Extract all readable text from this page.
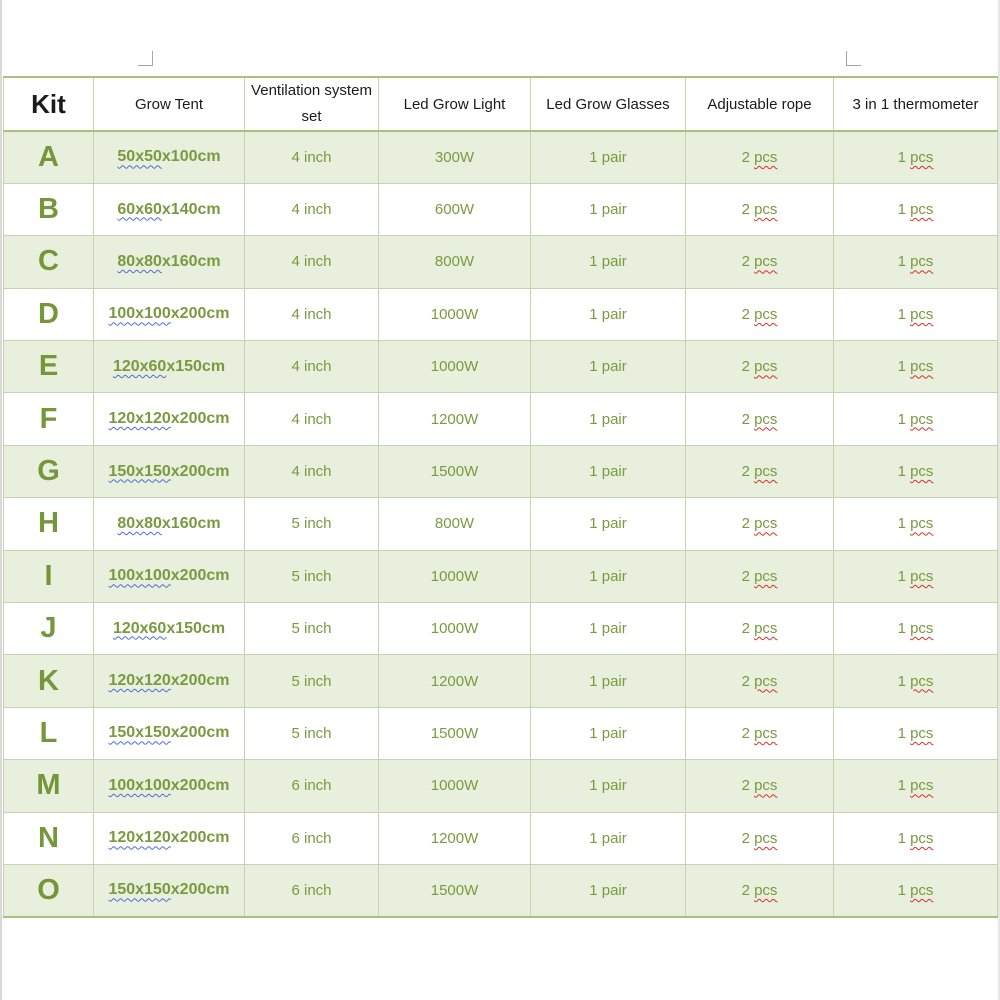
Kit	Grow Tent	Ventilation system set	Led Grow Light	Led Grow Glasses	Adjustable rope	3 in 1 thermometer
A	50x50x100cm	4 inch	300W	1 pair	2 pcs	1 pcs
B	60x60x140cm	4 inch	600W	1 pair	2 pcs	1 pcs
C	80x80x160cm	4 inch	800W	1 pair	2 pcs	1 pcs
D	100x100x200cm	4 inch	1000W	1 pair	2 pcs	1 pcs
E	120x60x150cm	4 inch	1000W	1 pair	2 pcs	1 pcs
F	120x120x200cm	4 inch	1200W	1 pair	2 pcs	1 pcs
G	150x150x200cm	4 inch	1500W	1 pair	2 pcs	1 pcs
H	80x80x160cm	5 inch	800W	1 pair	2 pcs	1 pcs
I	100x100x200cm	5 inch	1000W	1 pair	2 pcs	1 pcs
J	120x60x150cm	5 inch	1000W	1 pair	2 pcs	1 pcs
K	120x120x200cm	5 inch	1200W	1 pair	2 pcs	1 pcs
L	150x150x200cm	5 inch	1500W	1 pair	2 pcs	1 pcs
M	100x100x200cm	6 inch	1000W	1 pair	2 pcs	1 pcs
N	120x120x200cm	6 inch	1200W	1 pair	2 pcs	1 pcs
O	150x150x200cm	6 inch	1500W	1 pair	2 pcs	1 pcs
